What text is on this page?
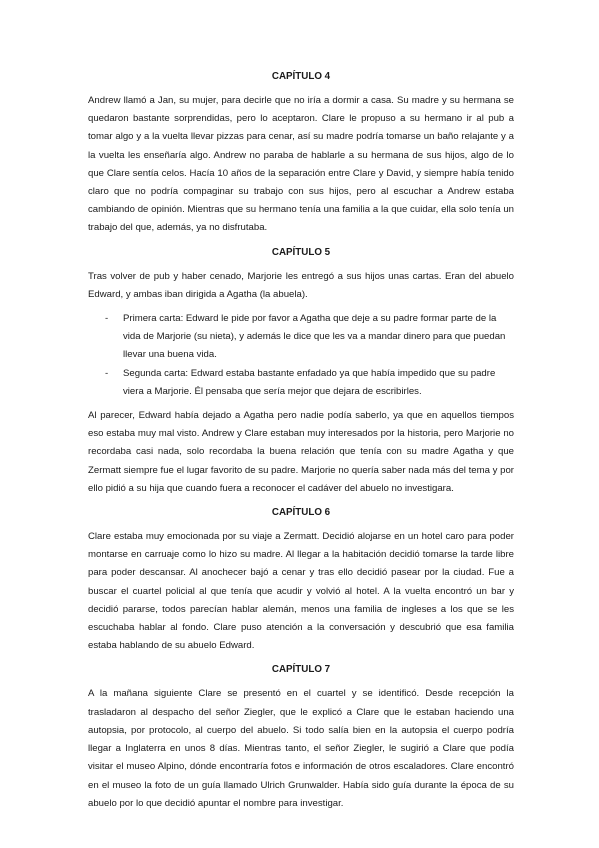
CAPÍTULO 4

Andrew llamó a Jan, su mujer, para decirle que no iría a dormir a casa. Su madre y su hermana se quedaron bastante sorprendidas, pero lo aceptaron. Clare le propuso a su hermano ir al pub a tomar algo y a la vuelta llevar pizzas para cenar, así su madre podría tomarse un baño relajante y a la vuelta les enseñaría algo. Andrew no paraba de hablarle a su hermana de sus hijos, algo de lo que Clare sentía celos. Hacía 10 años de la separación entre Clare y David, y siempre había tenido claro que no podría compaginar su trabajo con sus hijos, pero al escuchar a Andrew estaba cambiando de opinión. Mientras que su hermano tenía una familia a la que cuidar, ella solo tenía un trabajo del que, además, ya no disfrutaba.

CAPÍTULO 5

Tras volver de pub y haber cenado, Marjorie les entregó a sus hijos unas cartas. Eran del abuelo Edward, y ambas iban dirigida a Agatha (la abuela).

- Primera carta: Edward le pide por favor a Agatha que deje a su padre formar parte de la vida de Marjorie (su nieta), y además le dice que les va a mandar dinero para que puedan llevar una buena vida.
- Segunda carta: Edward estaba bastante enfadado ya que había impedido que su padre viera a Marjorie. Él pensaba que sería mejor que dejara de escribirles.

Al parecer, Edward había dejado a Agatha pero nadie podía saberlo, ya que en aquellos tiempos eso estaba muy mal visto. Andrew y Clare estaban muy interesados por la historia, pero Marjorie no recordaba casi nada, solo recordaba la buena relación que tenía con su madre Agatha y que Zermatt siempre fue el lugar favorito de su padre. Marjorie no quería saber nada más del tema y por ello pidió a su hija que cuando fuera a reconocer el cadáver del abuelo no investigara.

CAPÍTULO 6

Clare estaba muy emocionada por su viaje a Zermatt. Decidió alojarse en un hotel caro para poder montarse en carruaje como lo hizo su madre. Al llegar a la habitación decidió tomarse la tarde libre para poder descansar. Al anochecer bajó a cenar y tras ello decidió pasear por la ciudad. Fue a buscar el cuartel policial al que tenía que acudir y volvió al hotel. A la vuelta encontró un bar y decidió pararse, todos parecían hablar alemán, menos una familia de ingleses a los que se les escuchaba hablar al fondo. Clare puso atención a la conversación y descubrió que esa familia estaba hablando de su abuelo Edward.

CAPÍTULO 7

A la mañana siguiente Clare se presentó en el cuartel y se identificó. Desde recepción la trasladaron al despacho del señor Ziegler, que le explicó a Clare que le estaban haciendo una autopsia, por protocolo, al cuerpo del abuelo. Si todo salía bien en la autopsia el cuerpo podría llegar a Inglaterra en unos 8 días. Mientras tanto, el señor Ziegler, le sugirió a Clare que podía visitar el museo Alpino, dónde encontraría fotos e información de otros escaladores. Clare encontró en el museo la foto de un guía llamado Ulrich Grunwalder. Había sido guía durante la época de su abuelo por lo que decidió apuntar el nombre para investigar.
